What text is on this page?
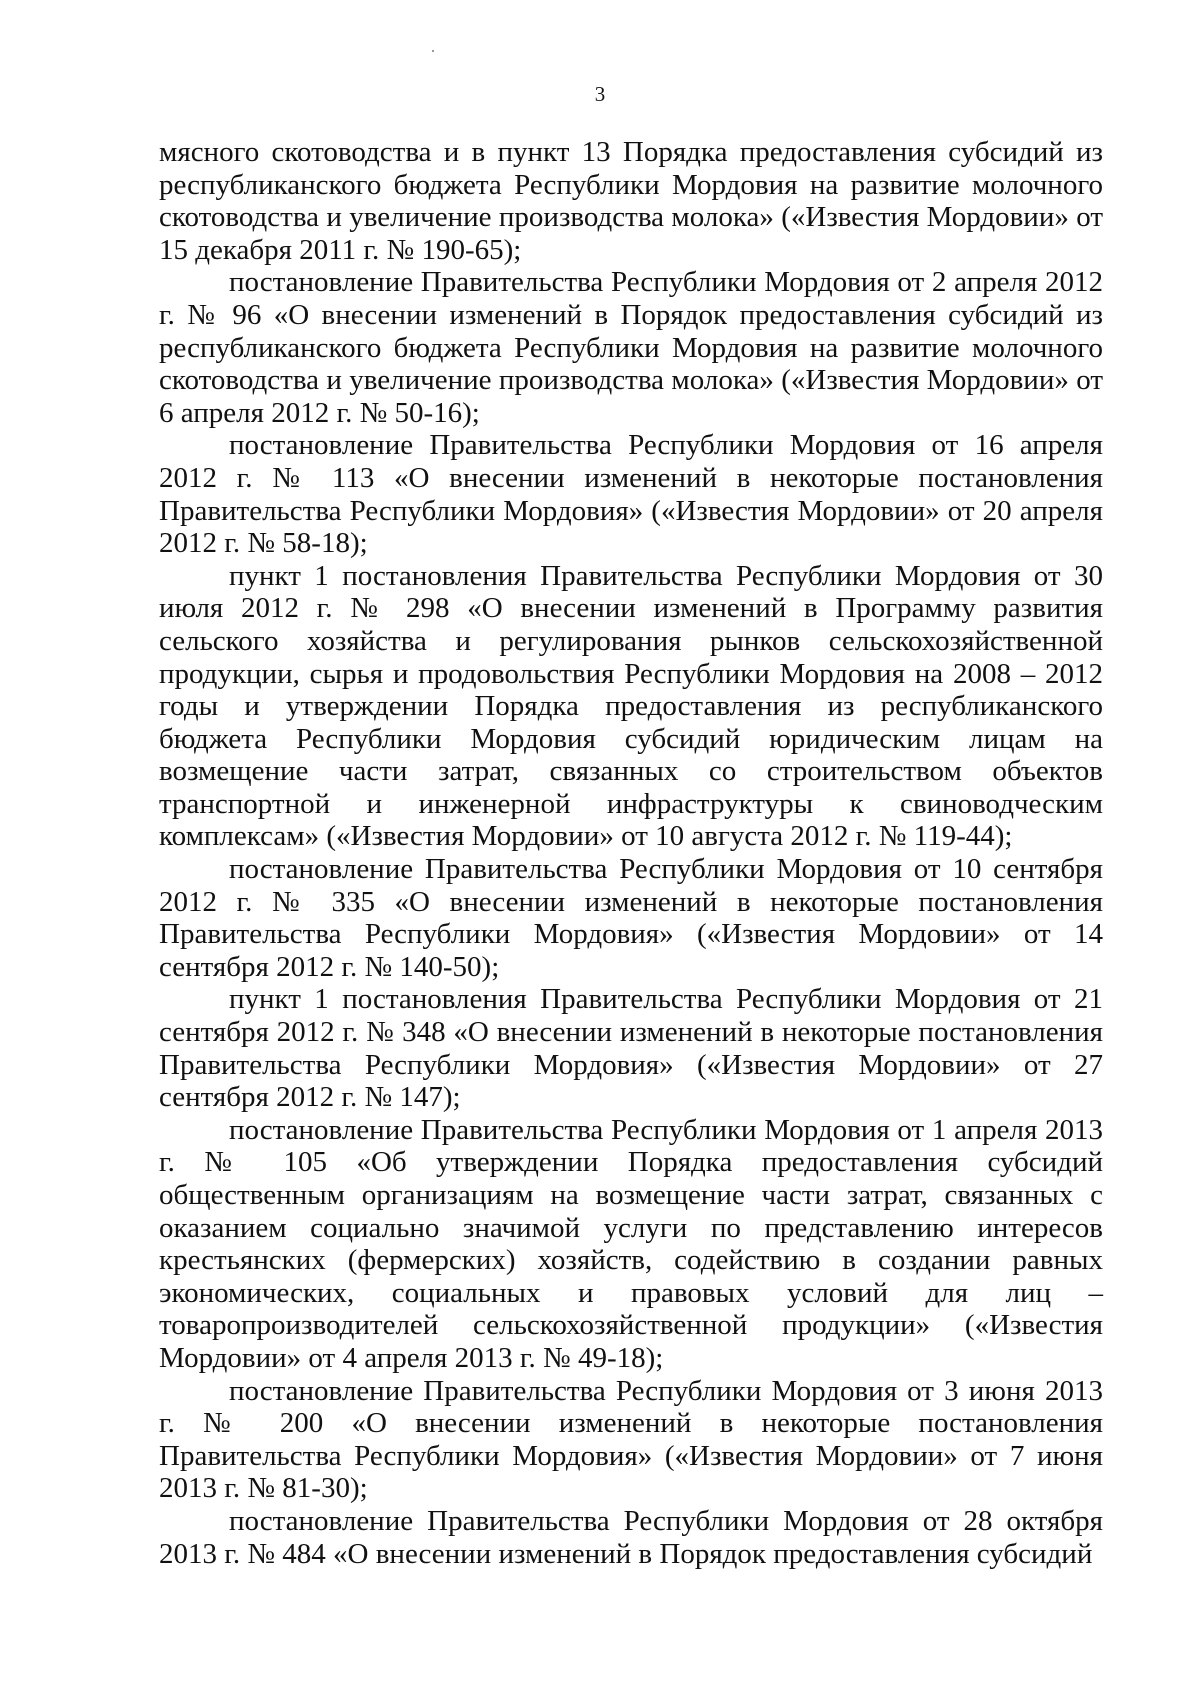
3

мясного скотоводства и в пункт 13 Порядка предоставления субсидий из республиканского бюджета Республики Мордовия на развитие молочного скотоводства и увеличение производства молока» («Известия Мордовии» от 15 декабря 2011 г. № 190-65);

постановление Правительства Республики Мордовия от 2 апреля 2012 г. № 96 «О внесении изменений в Порядок предоставления субсидий из республиканского бюджета Республики Мордовия на развитие молочного скотоводства и увеличение производства молока» («Известия Мордовии» от 6 апреля 2012 г. № 50-16);

постановление Правительства Республики Мордовия от 16 апреля 2012 г. № 113 «О внесении изменений в некоторые постановления Правительства Республики Мордовия» («Известия Мордовии» от 20 апреля 2012 г. № 58-18);

пункт 1 постановления Правительства Республики Мордовия от 30 июля 2012 г. № 298 «О внесении изменений в Программу развития сельского хозяйства и регулирования рынков сельскохозяйственной продукции, сырья и продовольствия Республики Мордовия на 2008 – 2012 годы и утверждении Порядка предоставления из республиканского бюджета Республики Мордовия субсидий юридическим лицам на возмещение части затрат, связанных со строительством объектов транспортной и инженерной инфраструктуры к свиноводческим комплексам» («Известия Мордовии» от 10 августа 2012 г. № 119-44);

постановление Правительства Республики Мордовия от 10 сентября 2012 г. № 335 «О внесении изменений в некоторые постановления Правительства Республики Мордовия» («Известия Мордовии» от 14 сентября 2012 г. № 140-50);

пункт 1 постановления Правительства Республики Мордовия от 21 сентября 2012 г. № 348 «О внесении изменений в некоторые постановления Правительства Республики Мордовия» («Известия Мордовии» от 27 сентября 2012 г. № 147);

постановление Правительства Республики Мордовия от 1 апреля 2013 г. № 105 «Об утверждении Порядка предоставления субсидий общественным организациям на возмещение части затрат, связанных с оказанием социально значимой услуги по представлению интересов крестьянских (фермерских) хозяйств, содействию в создании равных экономических, социальных и правовых условий для лиц – товаропроизводителей сельскохозяйственной продукции» («Известия Мордовии» от 4 апреля 2013 г. № 49-18);

постановление Правительства Республики Мордовия от 3 июня 2013 г. № 200 «О внесении изменений в некоторые постановления Правительства Республики Мордовия» («Известия Мордовии» от 7 июня 2013 г. № 81-30);

постановление Правительства Республики Мордовия от 28 октября 2013 г. № 484 «О внесении изменений в Порядок предоставления субсидий
